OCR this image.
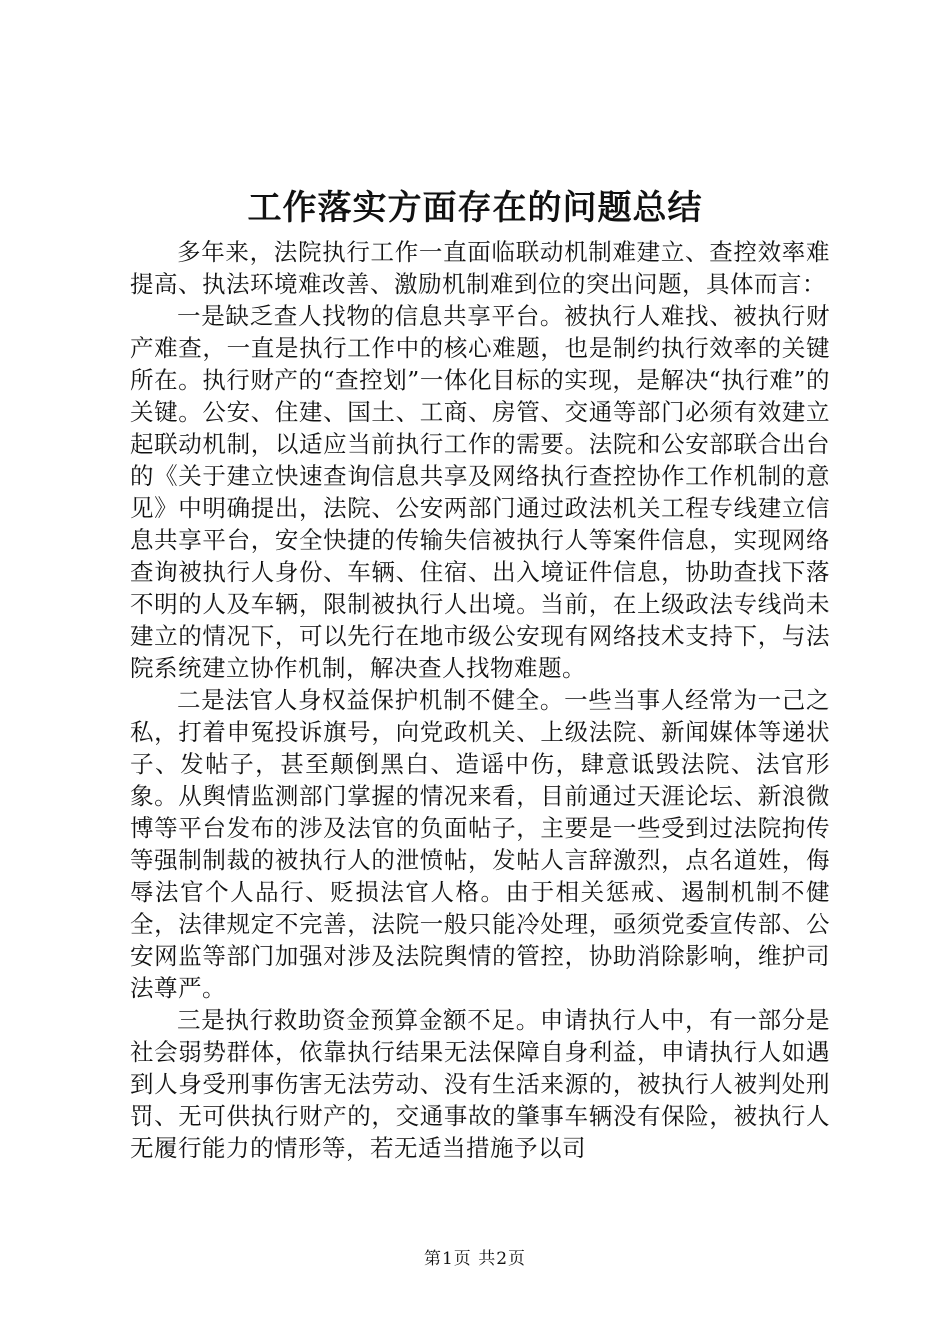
工作落实方面存在的问题总结

多年来，法院执行工作一直面临联动机制难建立、查控效率难提高、执法环境难改善、激励机制难到位的突出问题，具体而言：

一是缺乏查人找物的信息共享平台。被执行人难找、被执行财产难查，一直是执行工作中的核心难题，也是制约执行效率的关键所在。执行财产的“查控划”一体化目标的实现，是解决“执行难”的关键。公安、住建、国土、工商、房管、交通等部门必须有效建立起联动机制，以适应当前执行工作的需要。法院和公安部联合出台的《关于建立快速查询信息共享及网络执行查控协作工作机制的意见》中明确提出，法院、公安两部门通过政法机关工程专线建立信息共享平台，安全快捷的传输失信被执行人等案件信息，实现网络查询被执行人身份、车辆、住宿、出入境证件信息，协助查找下落不明的人及车辆，限制被执行人出境。当前，在上级政法专线尚未建立的情况下，可以先行在地市级公安现有网络技术支持下，与法院系统建立协作机制，解决查人找物难题。

二是法官人身权益保护机制不健全。一些当事人经常为一己之私，打着申冤投诉旗号，向党政机关、上级法院、新闻媒体等递状子、发帖子，甚至颠倒黑白、造谣中伤，肆意诋毁法院、法官形象。从舆情监测部门掌握的情况来看，目前通过天涯论坛、新浪微博等平台发布的涉及法官的负面帖子，主要是一些受到过法院拘传等强制制裁的被执行人的泄愤帖，发帖人言辞激烈，点名道姓，侮辱法官个人品行、贬损法官人格。由于相关惩戒、遏制机制不健全，法律规定不完善，法院一般只能冷处理，亟须党委宣传部、公安网监等部门加强对涉及法院舆情的管控，协助消除影响，维护司法尊严。

三是执行救助资金预算金额不足。申请执行人中，有一部分是社会弱势群体，依靠执行结果无法保障自身利益，申请执行人如遇到人身受刑事伤害无法劳动、没有生活来源的，被执行人被判处刑罚、无可供执行财产的，交通事故的肇事车辆没有保险，被执行人无履行能力的情形等，若无适当措施予以司

第1页 共2页
